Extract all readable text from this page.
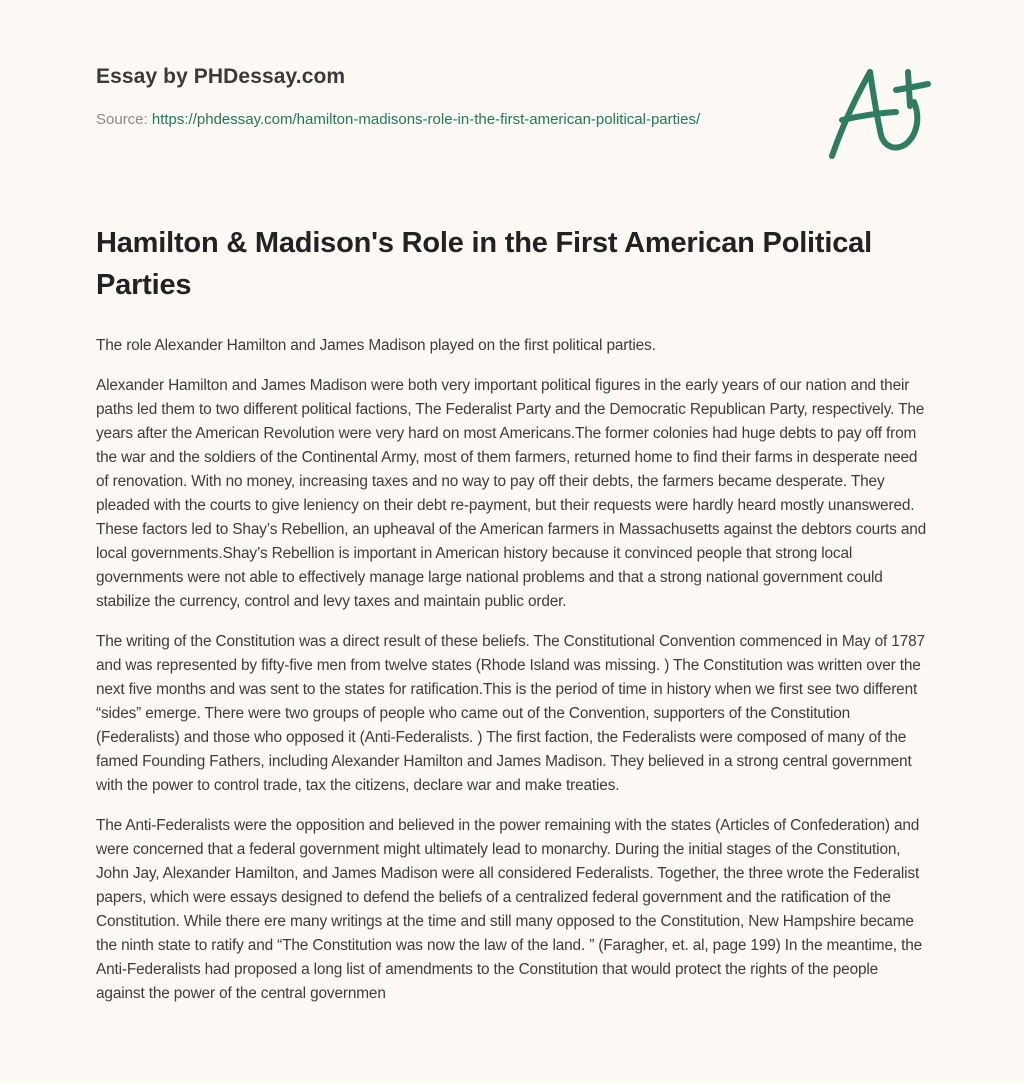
Essay by PHDessay.com
Source: https://phdessay.com/hamilton-madisons-role-in-the-first-american-political-parties/
Hamilton & Madison's Role in the First American Political Parties

The role Alexander Hamilton and James Madison played on the first political parties.

Alexander Hamilton and James Madison were both very important political figures in the early years of our nation and their paths led them to two different political factions, The Federalist Party and the Democratic Republican Party, respectively. The years after the American Revolution were very hard on most Americans.The former colonies had huge debts to pay off from the war and the soldiers of the Continental Army, most of them farmers, returned home to find their farms in desperate need of renovation. With no money, increasing taxes and no way to pay off their debts, the farmers became desperate. They pleaded with the courts to give leniency on their debt re-payment, but their requests were hardly heard mostly unanswered. These factors led to Shay’s Rebellion, an upheaval of the American farmers in Massachusetts against the debtors courts and local governments.Shay’s Rebellion is important in American history because it convinced people that strong local governments were not able to effectively manage large national problems and that a strong national government could stabilize the currency, control and levy taxes and maintain public order.

The writing of the Constitution was a direct result of these beliefs. The Constitutional Convention commenced in May of 1787 and was represented by fifty-five men from twelve states (Rhode Island was missing. ) The Constitution was written over the next five months and was sent to the states for ratification.This is the period of time in history when we first see two different “sides” emerge. There were two groups of people who came out of the Convention, supporters of the Constitution (Federalists) and those who opposed it (Anti-Federalists. ) The first faction, the Federalists were composed of many of the famed Founding Fathers, including Alexander Hamilton and James Madison. They believed in a strong central government with the power to control trade, tax the citizens, declare war and make treaties.

The Anti-Federalists were the opposition and believed in the power remaining with the states (Articles of Confederation) and were concerned that a federal government might ultimately lead to monarchy. During the initial stages of the Constitution, John Jay, Alexander Hamilton, and James Madison were all considered Federalists. Together, the three wrote the Federalist papers, which were essays designed to defend the beliefs of a centralized federal government and the ratification of the Constitution. While there ere many writings at the time and still many opposed to the Constitution, New Hampshire became the ninth state to ratify and “The Constitution was now the law of the land. ” (Faragher, et. al, page 199) In the meantime, the Anti-Federalists had proposed a long list of amendments to the Constitution that would protect the rights of the people against the power of the central governmen
